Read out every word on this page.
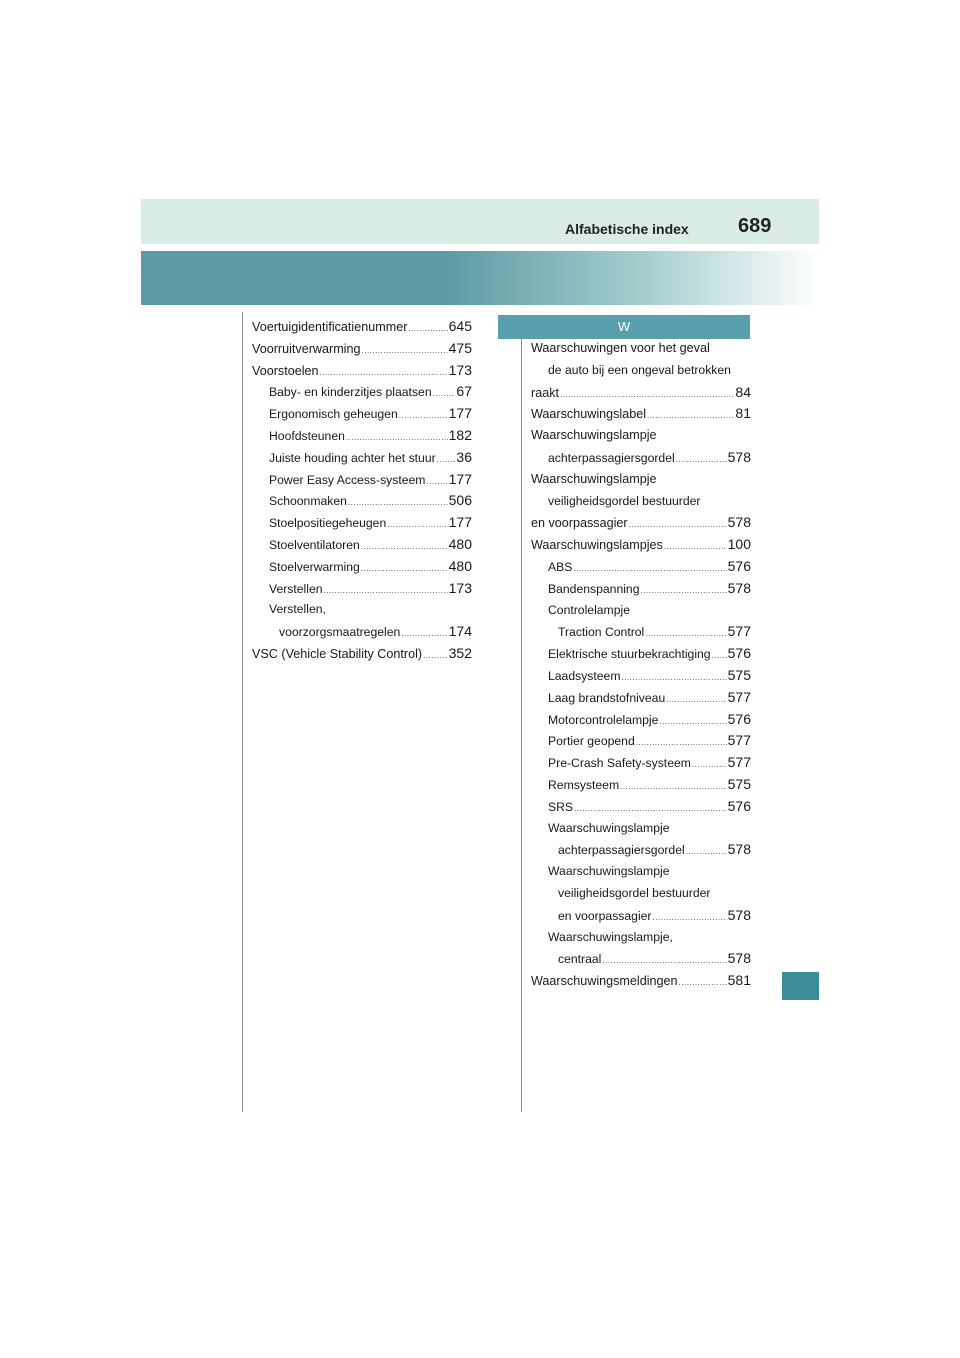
Alfabetische index 689
Voertuigidentificatienummer .....	645
Voorruitverwarming .....	475
Voorstoelen .....	173
Baby- en kinderzitjes plaatsen ..... 67
Ergonomisch geheugen .....	177
Hoofdsteunen .....	182
Juiste houding achter het stuur ..... 36
Power Easy Access-systeem ..... 177
Schoonmaken .....	506
Stoelpositiegeheugen .....	177
Stoelventilatoren .....	480
Stoelverwarming .....	480
Verstellen .....	173
Verstellen,
voorzorgsmaatregelen .....	174
VSC (Vehicle Stability Control) ..... 352
W
Waarschuwingen voor het geval
de auto bij een ongeval betrokken
raakt .....	84
Waarschuwingslabel .....	81
Waarschuwingslampje
achterpassagiersgordel .....	578
Waarschuwingslampje
veiligheidsgordel bestuurder
en voorpassagier .....	578
Waarschuwingslampjes .....	100
ABS .....	576
Bandenspanning .....	578
Controlelampje
Traction Control .....	577
Elektrische stuurbekrachtiging ..... 576
Laadsysteem .....	575
Laag brandstofniveau .....	577
Motorcontrolelampje .....	576
Portier geopend .....	577
Pre-Crash Safety-systeem .....	577
Remsysteem .....	575
SRS .....	576
Waarschuwingslampje
achterpassagiersgordel .....	578
Waarschuwingslampje
veiligheidsgordel bestuurder
en voorpassagier .....	578
Waarschuwingslampje,
centraal .....	578
Waarschuwingsmeldingen .....	581
